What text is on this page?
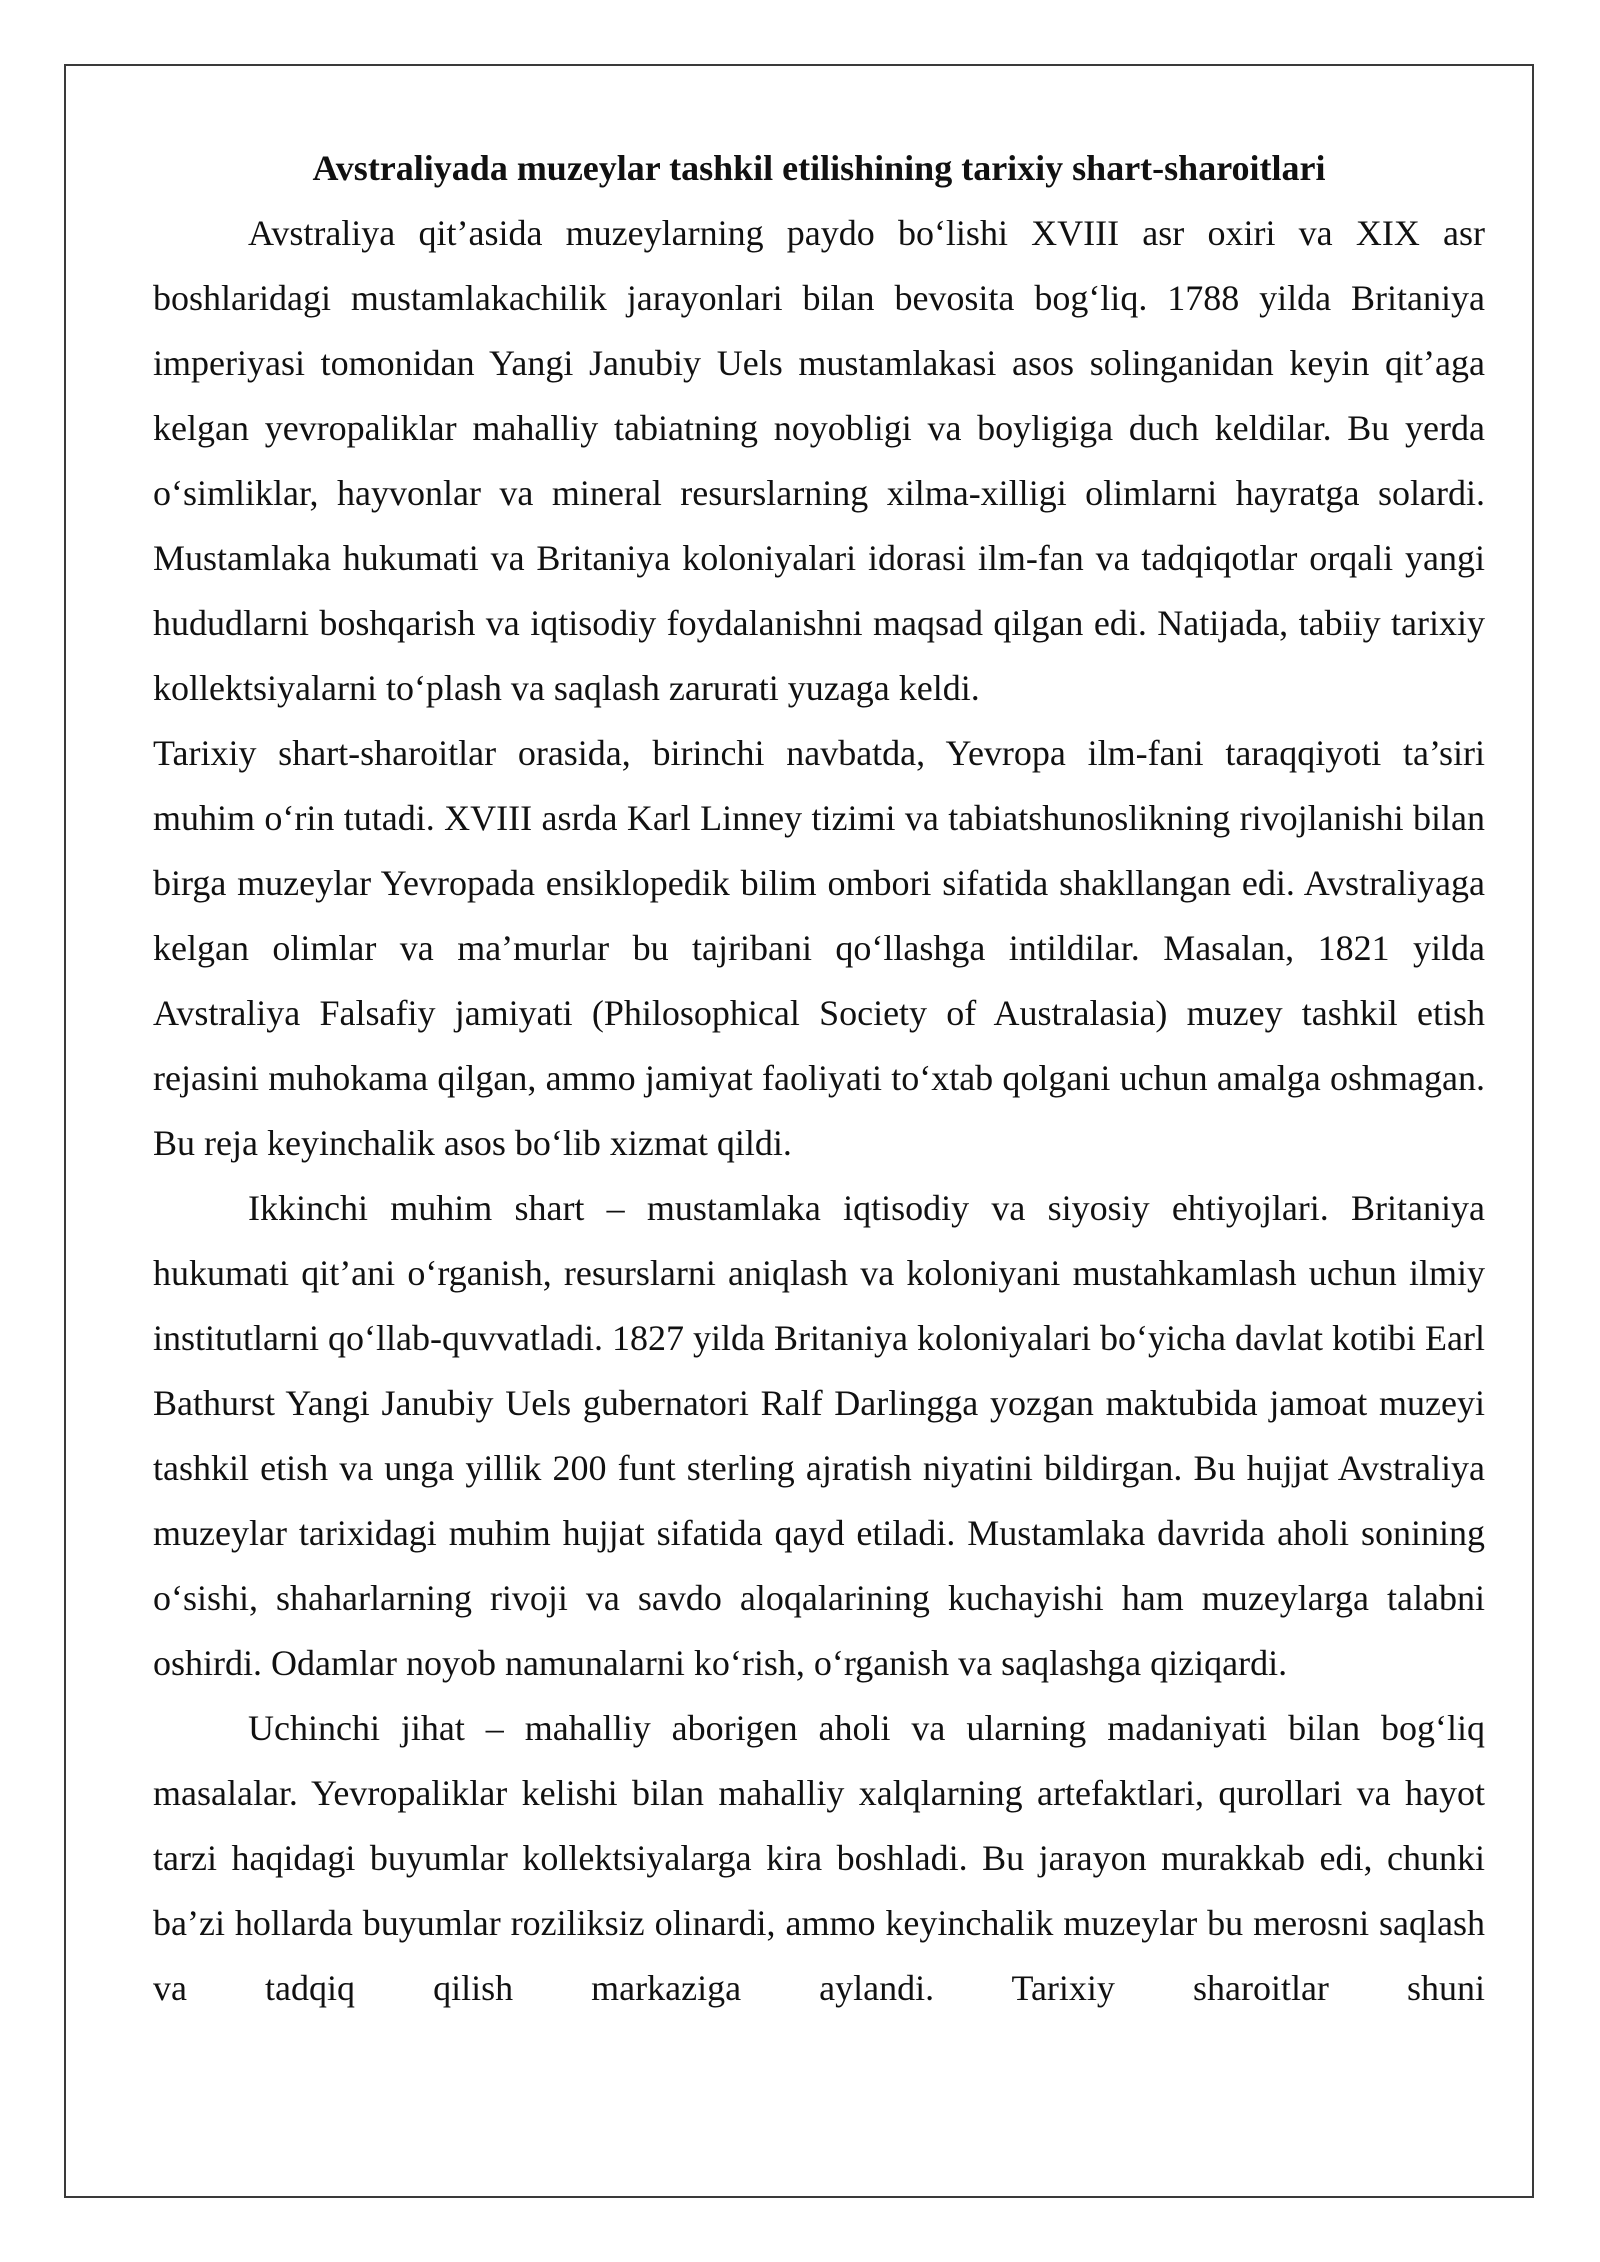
Avstraliyada muzeylar tashkil etilishining tarixiy shart-sharoitlari

Avstraliya qit’asida muzeylarning paydo bo‘lishi XVIII asr oxiri va XIX asr boshlaridagi mustamlakachilik jarayonlari bilan bevosita bog‘liq. 1788 yilda Britaniya imperiyasi tomonidan Yangi Janubiy Uels mustamlakasi asos solinganidan keyin qit’aga kelgan yevropaliklar mahalliy tabiatning noyobligi va boyligiga duch keldilar. Bu yerda o‘simliklar, hayvonlar va mineral resurslarning xilma-xilligi olimlarni hayratga solardi. Mustamlaka hukumati va Britaniya koloniyalari idorasi ilm-fan va tadqiqotlar orqali yangi hududlarni boshqarish va iqtisodiy foydalanishni maqsad qilgan edi. Natijada, tabiiy tarixiy kollektsiyalarni to‘plash va saqlash zarurati yuzaga keldi.

Tarixiy shart-sharoitlar orasida, birinchi navbatda, Yevropa ilm-fani taraqqiyoti ta’siri muhim o‘rin tutadi. XVIII asrda Karl Linney tizimi va tabiatshunoslikning rivojlanishi bilan birga muzeylar Yevropada ensiklopedik bilim ombori sifatida shakllangan edi. Avstraliyaga kelgan olimlar va ma’murlar bu tajribani qo‘llashga intildilar. Masalan, 1821 yilda Avstraliya Falsafiy jamiyati (Philosophical Society of Australasia) muzey tashkil etish rejasini muhokama qilgan, ammo jamiyat faoliyati to‘xtab qolgani uchun amalga oshmagan. Bu reja keyinchalik asos bo‘lib xizmat qildi.

Ikkinchi muhim shart – mustamlaka iqtisodiy va siyosiy ehtiyojlari. Britaniya hukumati qit’ani o‘rganish, resurslarni aniqlash va koloniyani mustahkamlash uchun ilmiy institutlarni qo‘llab-quvvatladi. 1827 yilda Britaniya koloniyalari bo‘yicha davlat kotibi Earl Bathurst Yangi Janubiy Uels gubernatori Ralf Darlingga yozgan maktubida jamoat muzeyi tashkil etish va unga yillik 200 funt sterling ajratish niyatini bildirgan. Bu hujjat Avstraliya muzeylar tarixidagi muhim hujjat sifatida qayd etiladi. Mustamlaka davrida aholi sonining o‘sishi, shaharlarning rivoji va savdo aloqalarining kuchayishi ham muzeylarga talabni oshirdi. Odamlar noyob namunalarni ko‘rish, o‘rganish va saqlashga qiziqardi.

Uchinchi jihat – mahalliy aborigen aholi va ularning madaniyati bilan bog‘liq masalalar. Yevropaliklar kelishi bilan mahalliy xalqlarning artefaktlari, qurollari va hayot tarzi haqidagi buyumlar kollektsiyalarga kira boshladi. Bu jarayon murakkab edi, chunki ba’zi hollarda buyumlar roziliksiz olinardi, ammo keyinchalik muzeylar bu merosni saqlash va tadqiq qilish markaziga aylandi. Tarixiy sharoitlar shuni
